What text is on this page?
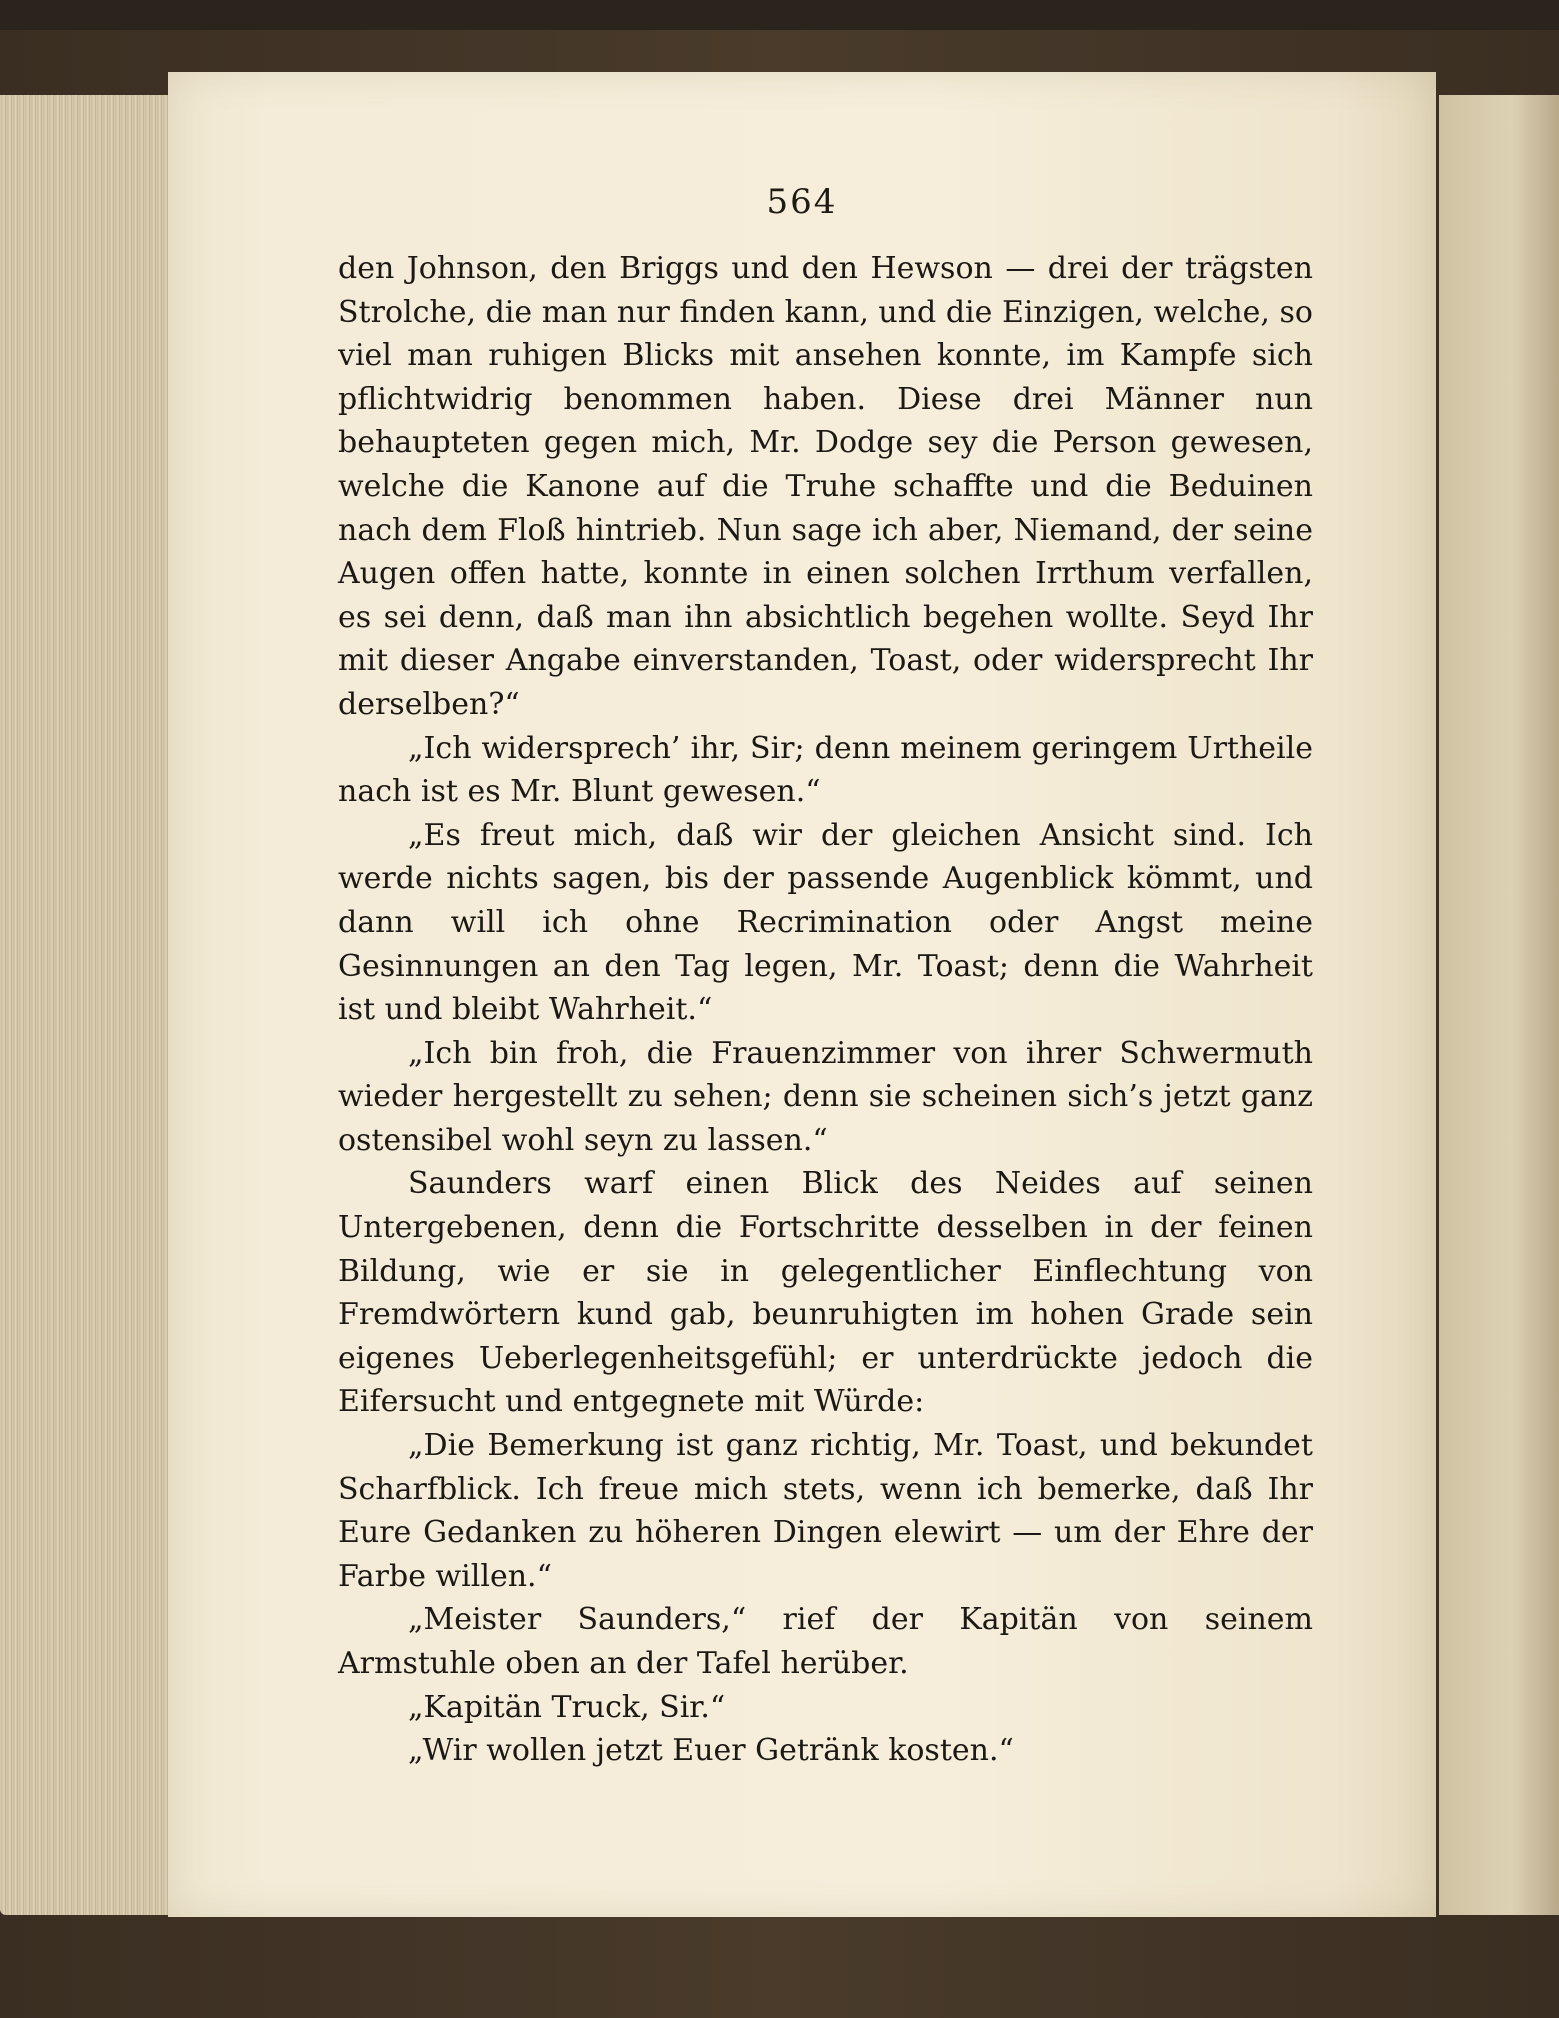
564

den Johnson, den Briggs und den Hewson — drei der trägsten Strolche, die man nur finden kann, und die Einzigen, welche, so viel man ruhigen Blicks mit ansehen konnte, im Kampfe sich pflichtwidrig benommen haben. Diese drei Männer nun behaupteten gegen mich, Mr. Dodge sey die Person gewesen, welche die Kanone auf die Truhe schaffte und die Beduinen nach dem Floß hintrieb. Nun sage ich aber, Niemand, der seine Augen offen hatte, konnte in einen solchen Irrthum verfallen, es sei denn, daß man ihn absichtlich begehen wollte. Seyd Ihr mit dieser Angabe einverstanden, Toast, oder widersprecht Ihr derselben?“

„Ich widersprech’ ihr, Sir; denn meinem geringem Urtheile nach ist es Mr. Blunt gewesen.“

„Es freut mich, daß wir der gleichen Ansicht sind. Ich werde nichts sagen, bis der passende Augenblick kömmt, und dann will ich ohne Recrimination oder Angst meine Gesinnungen an den Tag legen, Mr. Toast; denn die Wahrheit ist und bleibt Wahrheit.“

„Ich bin froh, die Frauenzimmer von ihrer Schwermuth wieder hergestellt zu sehen; denn sie scheinen sich’s jetzt ganz ostensibel wohl seyn zu lassen.“

Saunders warf einen Blick des Neides auf seinen Untergebenen, denn die Fortschritte desselben in der feinen Bildung, wie er sie in gelegentlicher Einflechtung von Fremdwörtern kund gab, beunruhigten im hohen Grade sein eigenes Ueberlegenheitsgefühl; er unterdrückte jedoch die Eifersucht und entgegnete mit Würde:

„Die Bemerkung ist ganz richtig, Mr. Toast, und bekundet Scharfblick. Ich freue mich stets, wenn ich bemerke, daß Ihr Eure Gedanken zu höheren Dingen elewirt — um der Ehre der Farbe willen.“

„Meister Saunders,“ rief der Kapitän von seinem Armstuhle oben an der Tafel herüber.

„Kapitän Truck, Sir.“

„Wir wollen jetzt Euer Getränk kosten.“
